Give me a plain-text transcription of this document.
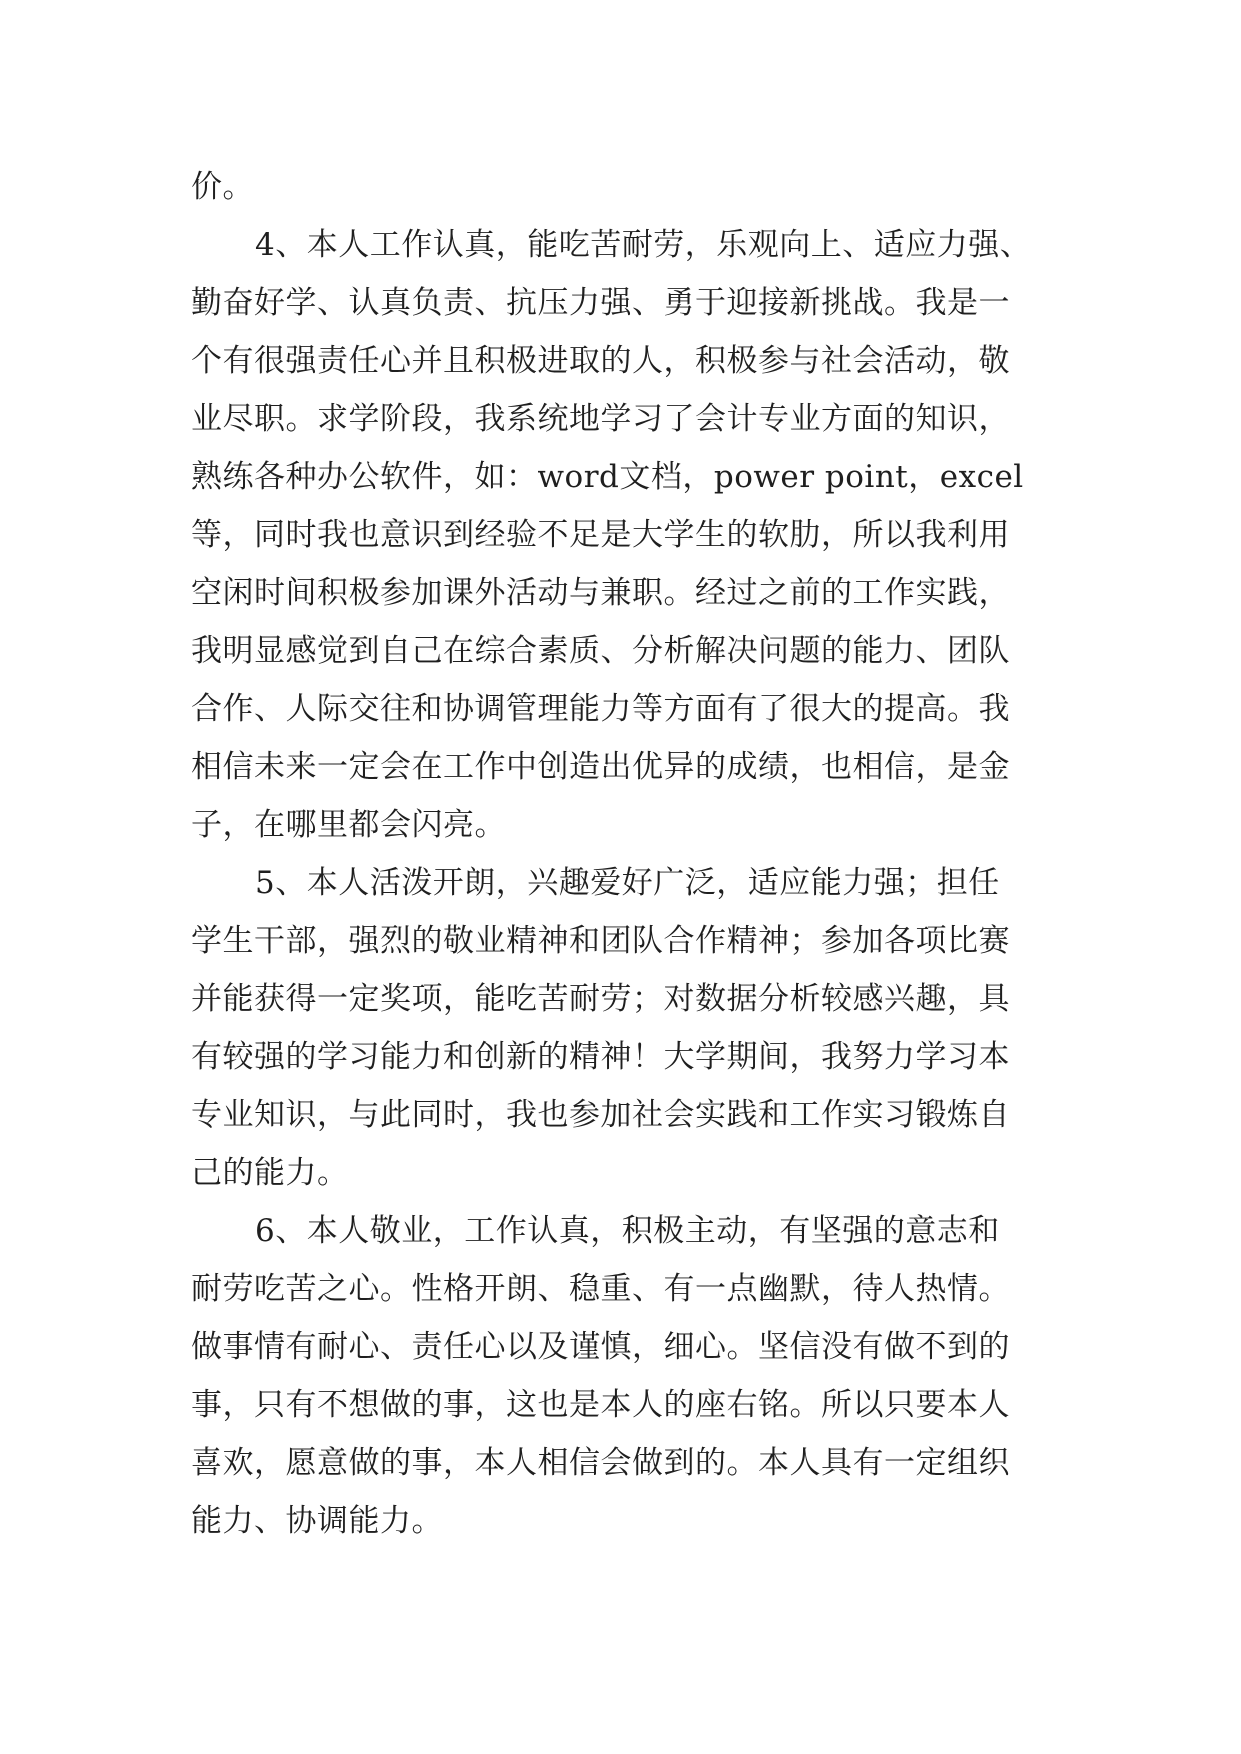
价。
4、本人工作认真，能吃苦耐劳，乐观向上、适应力强、
勤奋好学、认真负责、抗压力强、勇于迎接新挑战。我是一
个有很强责任心并且积极进取的人，积极参与社会活动，敬
业尽职。求学阶段，我系统地学习了会计专业方面的知识，
熟练各种办公软件，如：word文档，power point，excel
等，同时我也意识到经验不足是大学生的软肋，所以我利用
空闲时间积极参加课外活动与兼职。经过之前的工作实践，
我明显感觉到自己在综合素质、分析解决问题的能力、团队
合作、人际交往和协调管理能力等方面有了很大的提高。我
相信未来一定会在工作中创造出优异的成绩，也相信，是金
子，在哪里都会闪亮。
5、本人活泼开朗，兴趣爱好广泛，适应能力强；担任
学生干部，强烈的敬业精神和团队合作精神；参加各项比赛
并能获得一定奖项，能吃苦耐劳；对数据分析较感兴趣，具
有较强的学习能力和创新的精神！大学期间，我努力学习本
专业知识，与此同时，我也参加社会实践和工作实习锻炼自
己的能力。
6、本人敬业，工作认真，积极主动，有坚强的意志和
耐劳吃苦之心。性格开朗、稳重、有一点幽默，待人热情。
做事情有耐心、责任心以及谨慎，细心。坚信没有做不到的
事，只有不想做的事，这也是本人的座右铭。所以只要本人
喜欢，愿意做的事，本人相信会做到的。本人具有一定组织
能力、协调能力。
